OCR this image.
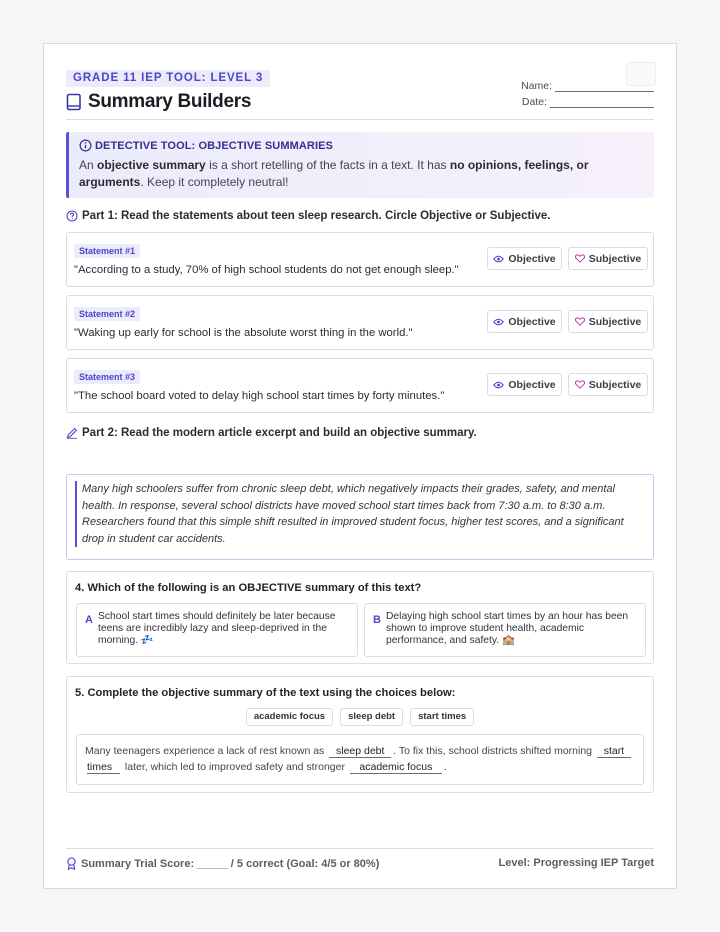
GRADE 11 IEP TOOL: LEVEL 3
Summary Builders
Name:
Date:
DETECTIVE TOOL: OBJECTIVE SUMMARIES
An objective summary is a short retelling of the facts in a text. It has no opinions, feelings, or arguments. Keep it completely neutral!
Part 1: Read the statements about teen sleep research. Circle Objective or Subjective.
Statement #1
"According to a study, 70% of high school students do not get enough sleep."
Objective	Subjective
Statement #2
"Waking up early for school is the absolute worst thing in the world."
Objective	Subjective
Statement #3
"The school board voted to delay high school start times by forty minutes."
Objective	Subjective
Part 2: Read the modern article excerpt and build an objective summary.
Many high schoolers suffer from chronic sleep debt, which negatively impacts their grades, safety, and mental health. In response, several school districts have moved school start times back from 7:30 a.m. to 8:30 a.m. Researchers found that this simple shift resulted in improved student focus, higher test scores, and a significant drop in student car accidents.
4. Which of the following is an OBJECTIVE summary of this text?
A School start times should definitely be later because teens are incredibly lazy and sleep-deprived in the morning. 💤
B Delaying high school start times by an hour has been shown to improve student health, academic performance, and safety. 🏫
5. Complete the objective summary of the text using the choices below:
academic focus	sleep debt	start times
Many teenagers experience a lack of rest known as sleep debt . To fix this, school districts shifted morning start times later, which led to improved safety and stronger academic focus .
Summary Trial Score: _____ / 5 correct (Goal: 4/5 or 80%)	Level: Progressing IEP Target
